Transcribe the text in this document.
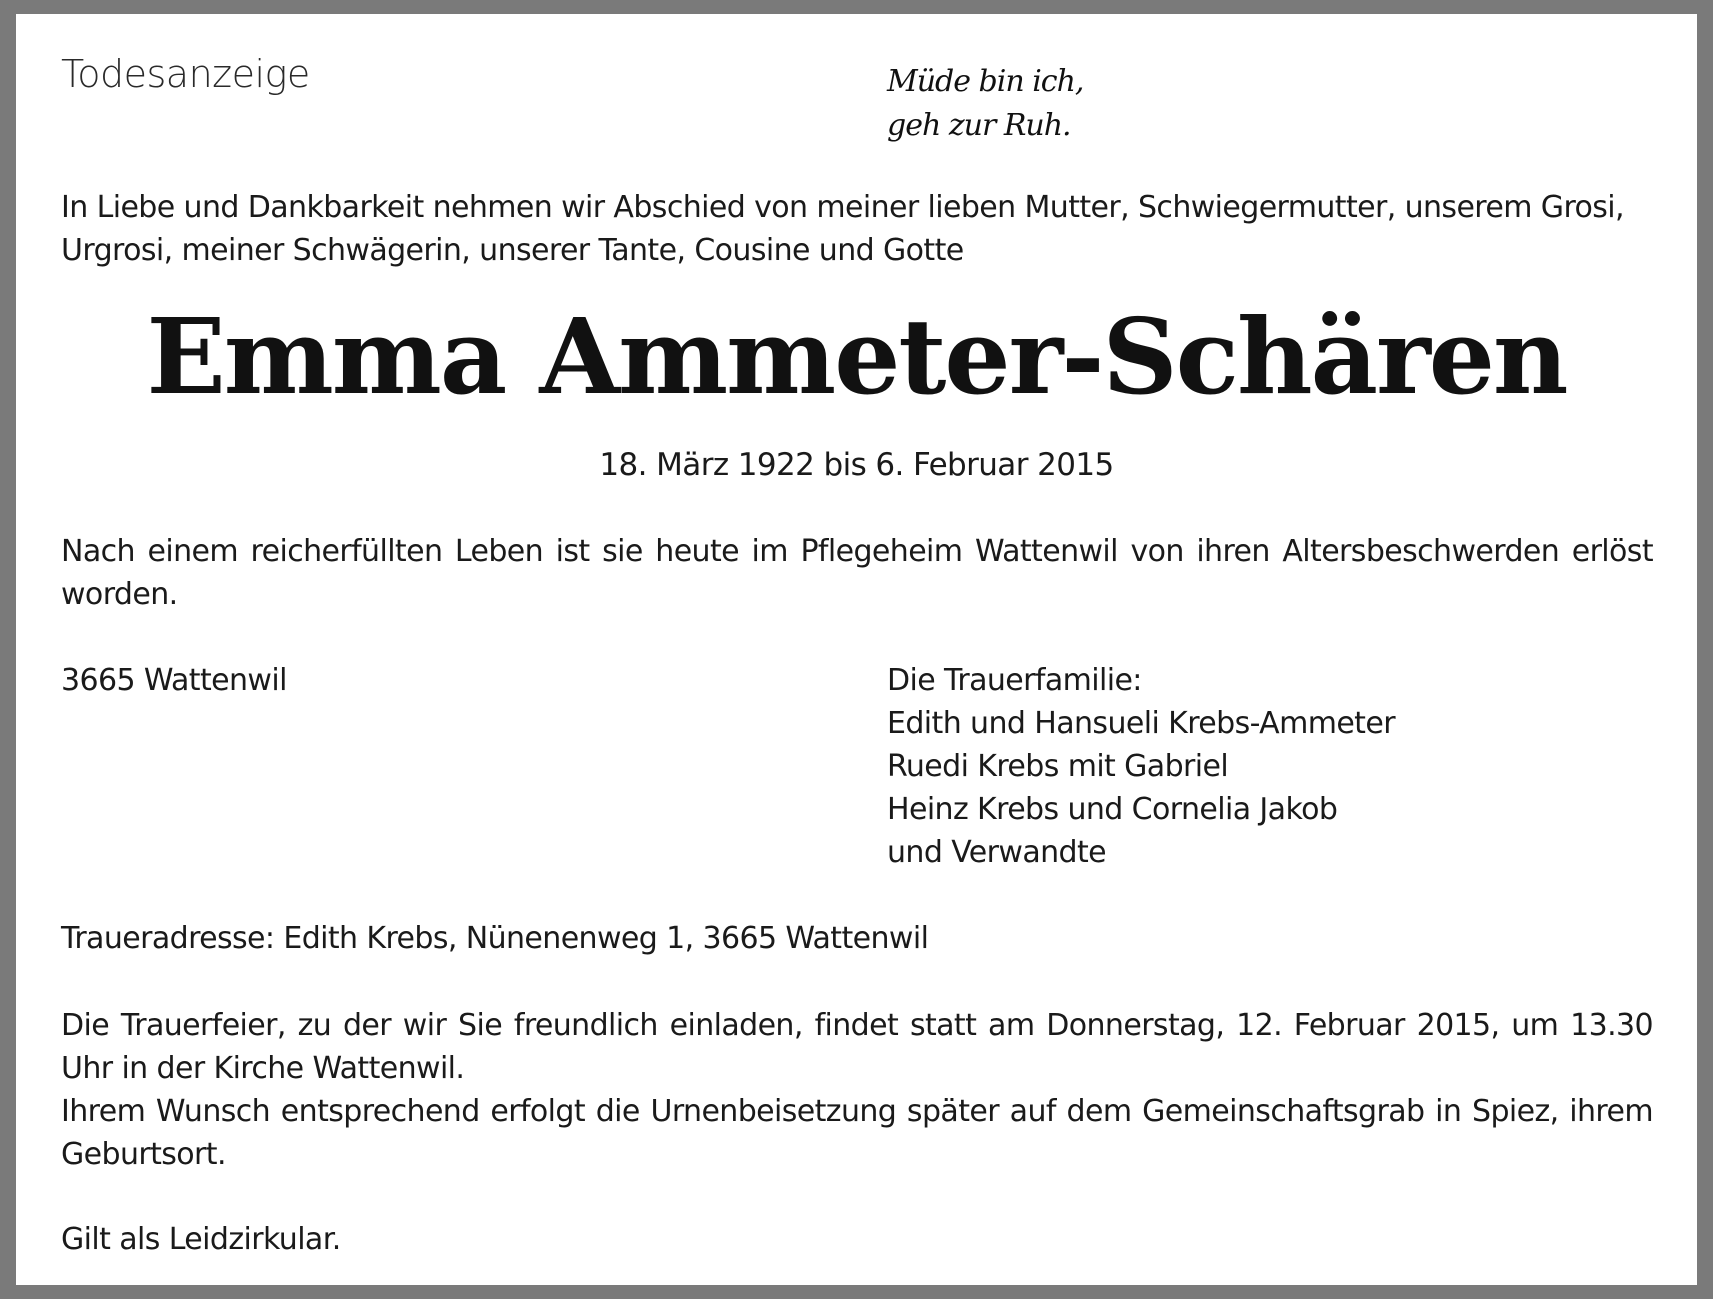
Todesanzeige	Müde bin ich,
geh zur Ruh.

In Liebe und Dankbarkeit nehmen wir Abschied von meiner lieben Mutter, Schwiegermutter, unserem Grosi, Urgrosi, meiner Schwägerin, unserer Tante, Cousine und Gotte

Emma Ammeter-Schären

18. März 1922 bis 6. Februar 2015

Nach einem reicherfüllten Leben ist sie heute im Pflegeheim Wattenwil von ihren Altersbeschwerden erlöst worden.

3665 Wattenwil	Die Trauerfamilie:
Edith und Hansueli Krebs-Ammeter
Ruedi Krebs mit Gabriel
Heinz Krebs und Cornelia Jakob
und Verwandte

Traueradresse: Edith Krebs, Nünenenweg 1, 3665 Wattenwil

Die Trauerfeier, zu der wir Sie freundlich einladen, findet statt am Donnerstag, 12. Februar 2015, um 13.30 Uhr in der Kirche Wattenwil.
Ihrem Wunsch entsprechend erfolgt die Urnenbeisetzung später auf dem Gemeinschaftsgrab in Spiez, ihrem Geburtsort.

Gilt als Leidzirkular.
